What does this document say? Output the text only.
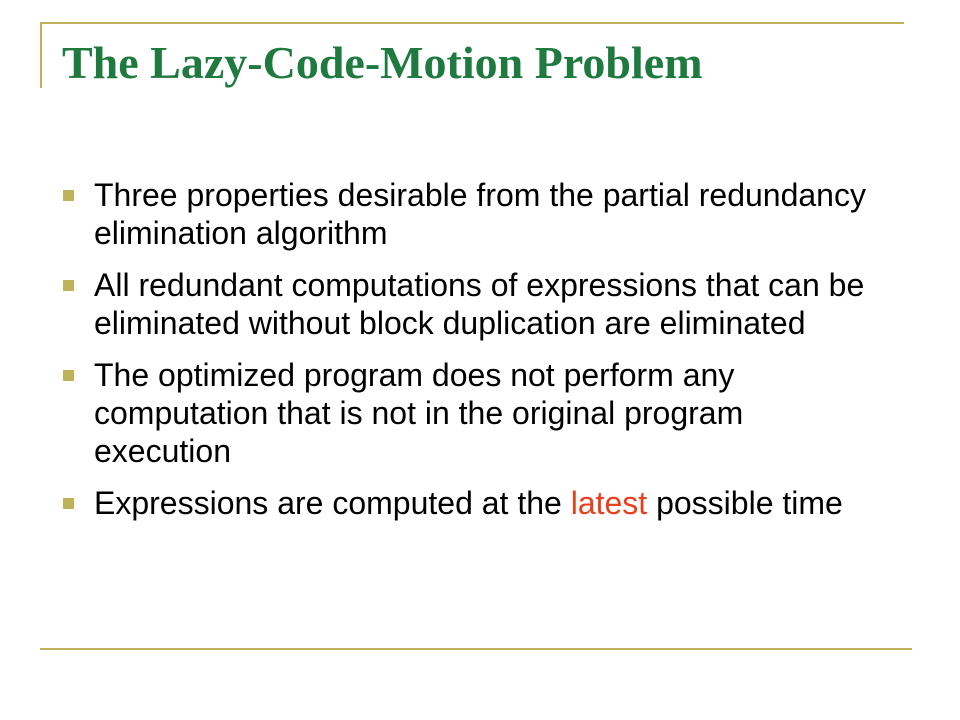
The Lazy-Code-Motion Problem
Three properties desirable from the partial redundancy elimination algorithm
All redundant computations of expressions that can be eliminated without block duplication are eliminated
The optimized program does not perform any computation that is not in the original program execution
Expressions are computed at the latest possible time
